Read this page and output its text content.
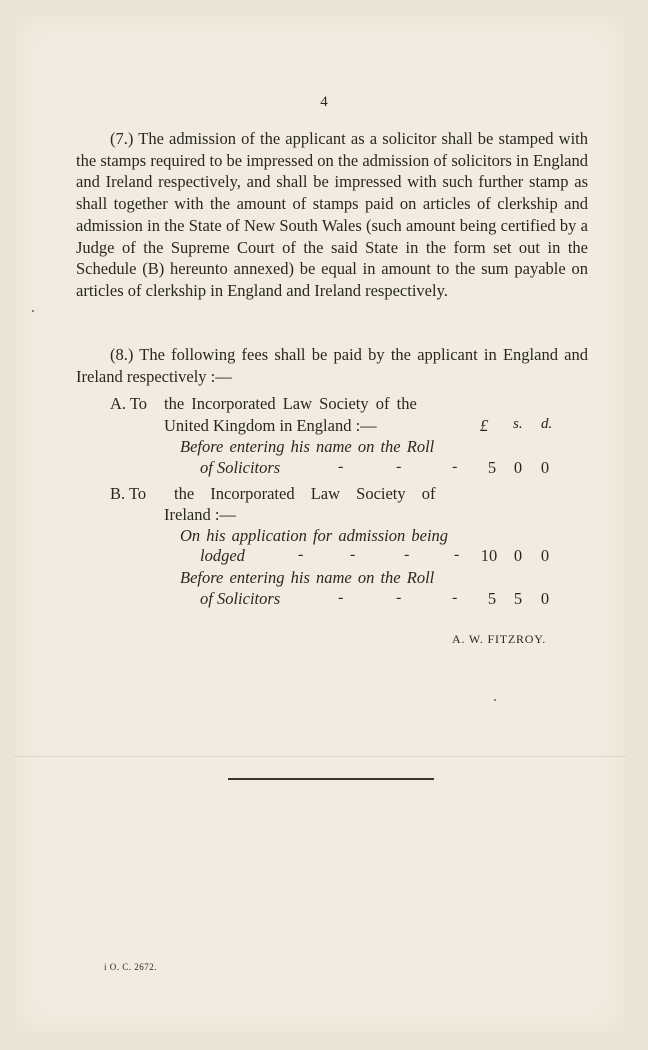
4
(7.) The admission of the applicant as a solicitor shall be stamped with the stamps required to be impressed on the admission of solicitors in England and Ireland respectively, and shall be impressed with such further stamp as shall together with the amount of stamps paid on articles of clerkship and admission in the State of New South Wales (such amount being certified by a Judge of the Supreme Court of the said State in the form set out in the Schedule (B) hereunto annexed) be equal in amount to the sum payable on articles of clerkship in England and Ireland respectively.
(8.) The following fees shall be paid by the applicant in England and Ireland respectively :—
A. To the Incorporated Law Society of the
United Kingdom in England :—	£ s. d.
Before entering his name on the Roll
of Solicitors	-	-	-	5	0	0
B. To the Incorporated Law Society of
Ireland :—
On his application for admission being
lodged	-	-	-	- 10	0	0
Before entering his name on the Roll
of Solicitors	-	-	-	5	5	0
A. W. FITZROY.
i O. C. 2672.
